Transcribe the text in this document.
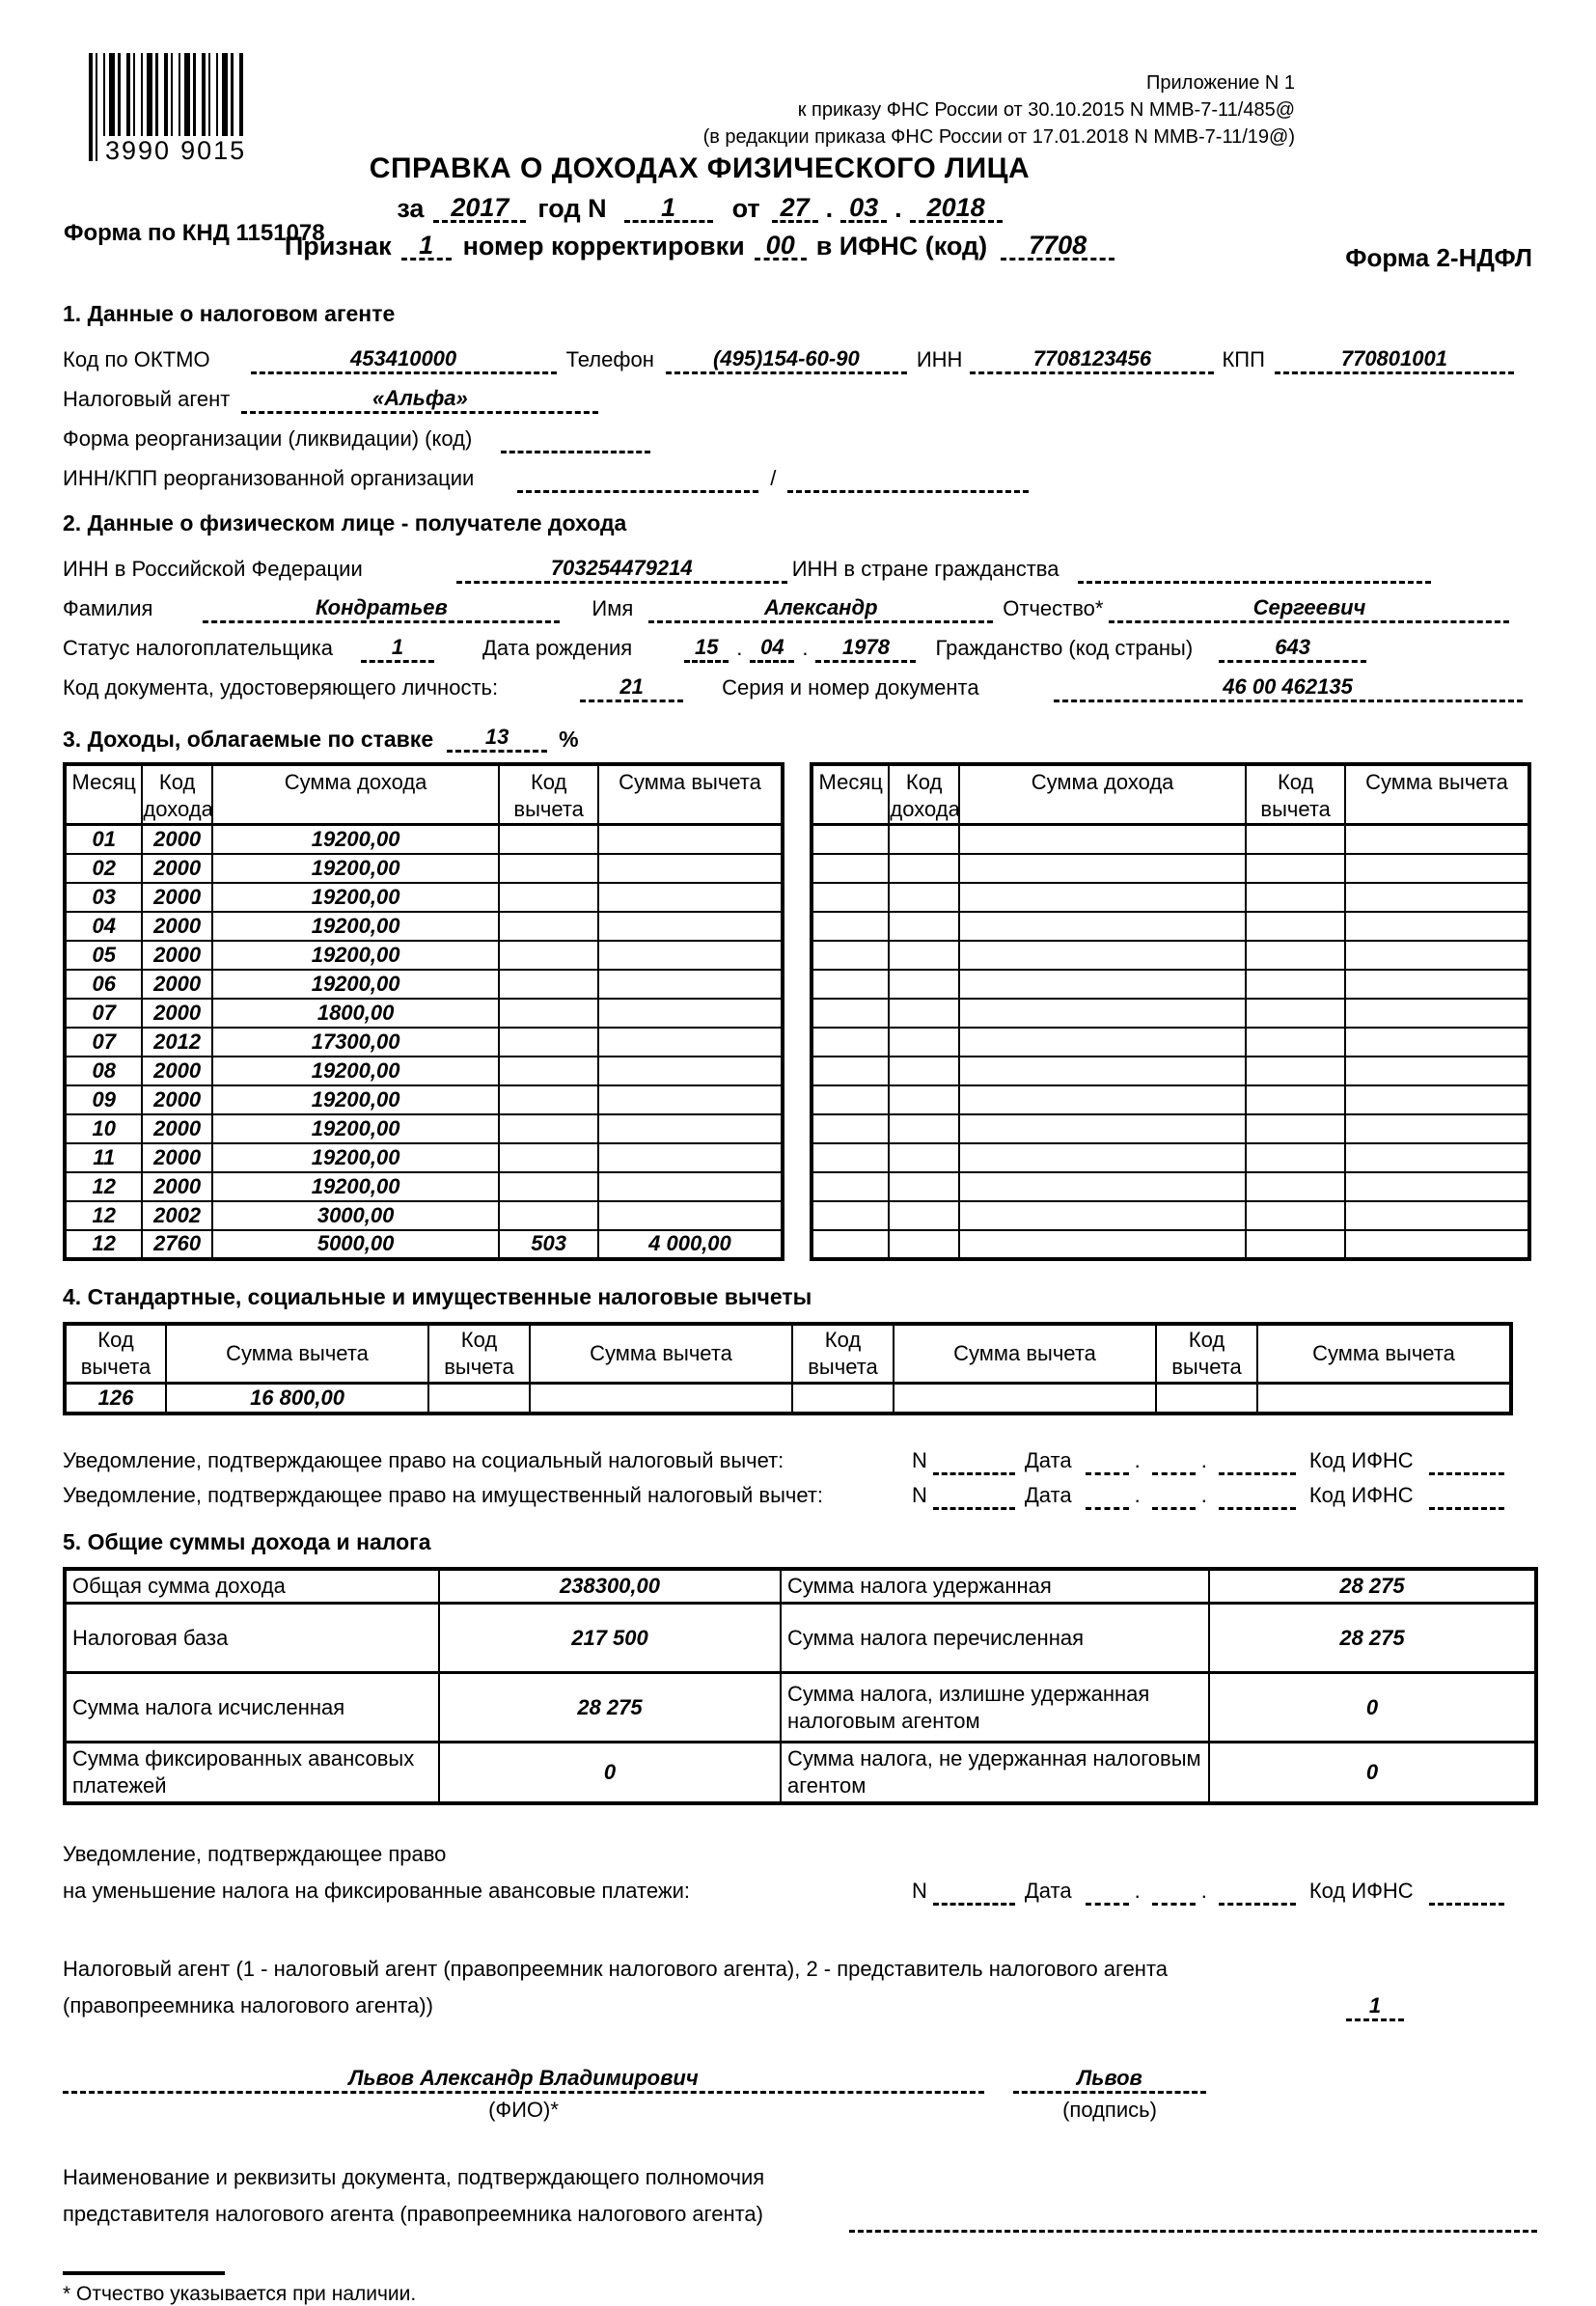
Приложение N 1
к приказу ФНС России от 30.10.2015 N ММВ-7-11/485@
(в редакции приказа ФНС России от 17.01.2018 N ММВ-7-11/19@)
3990 9015
Форма по КНД 1151078
СПРАВКА О ДОХОДАХ ФИЗИЧЕСКОГО ЛИЦА
за 2017 год N 1 от 27 . 03 . 2018
Признак 1 номер корректировки 00 в ИФНС (код) 7708	Форма 2-НДФЛ
1. Данные о налоговом агенте
Код по ОКТМО	453410000	Телефон	(495)154-60-90	ИНН	7708123456	КПП	770801001
Налоговый агент	«Альфа»
Форма реорганизации (ликвидации) (код)
ИНН/КПП реорганизованной организации	/
2. Данные о физическом лице - получателе дохода
ИНН в Российской Федерации	703254479214	ИНН в стране гражданства
Фамилия	Кондратьев	Имя	Александр	Отчество*	Сергеевич
Статус налогоплательщика	1	Дата рождения	15 . 04 . 1978 Гражданство (код страны)	643
Код документа, удостоверяющего личность:	21	Серия и номер документа	46 00 462135
3. Доходы, облагаемые по ставке 13 %
Месяц	Код дохода	Сумма дохода	Код вычета	Сумма вычета
01	2000	19200,00		
02	2000	19200,00		
03	2000	19200,00		
04	2000	19200,00		
05	2000	19200,00		
06	2000	19200,00		
07	2000	1800,00		
07	2012	17300,00		
08	2000	19200,00		
09	2000	19200,00		
10	2000	19200,00		
11	2000	19200,00		
12	2000	19200,00		
12	2002	3000,00		
12	2760	5000,00	503	4 000,00
Месяц	Код дохода	Сумма дохода	Код вычета	Сумма вычета

4. Стандартные, социальные и имущественные налоговые вычеты
Код вычета	Сумма вычета	Код вычета	Сумма вычета	Код вычета	Сумма вычета	Код вычета	Сумма вычета
126	16 800,00						
Уведомление, подтверждающее право на социальный налоговый вычет:	N	Дата	.	.	Код ИФНС
Уведомление, подтверждающее право на имущественный налоговый вычет:	N	Дата	.	.	Код ИФНС
5. Общие суммы дохода и налога
Общая сумма дохода	238300,00	Сумма налога удержанная	28 275
Налоговая база	217 500	Сумма налога перечисленная	28 275
Сумма налога исчисленная	28 275	Сумма налога, излишне удержанная налоговым агентом	0
Сумма фиксированных авансовых платежей	0	Сумма налога, не удержанная налоговым агентом	0
Уведомление, подтверждающее право
на уменьшение налога на фиксированные авансовые платежи:	N	Дата	.	.	Код ИФНС
Налоговый агент (1 - налоговый агент (правопреемник налогового агента), 2 - представитель налогового агента
(правопреемника налогового агента))	1
Львов Александр Владимирович	Львов
(ФИО)*	(подпись)
Наименование и реквизиты документа, подтверждающего полномочия
представителя налогового агента (правопреемника налогового агента)
* Отчество указывается при наличии.
